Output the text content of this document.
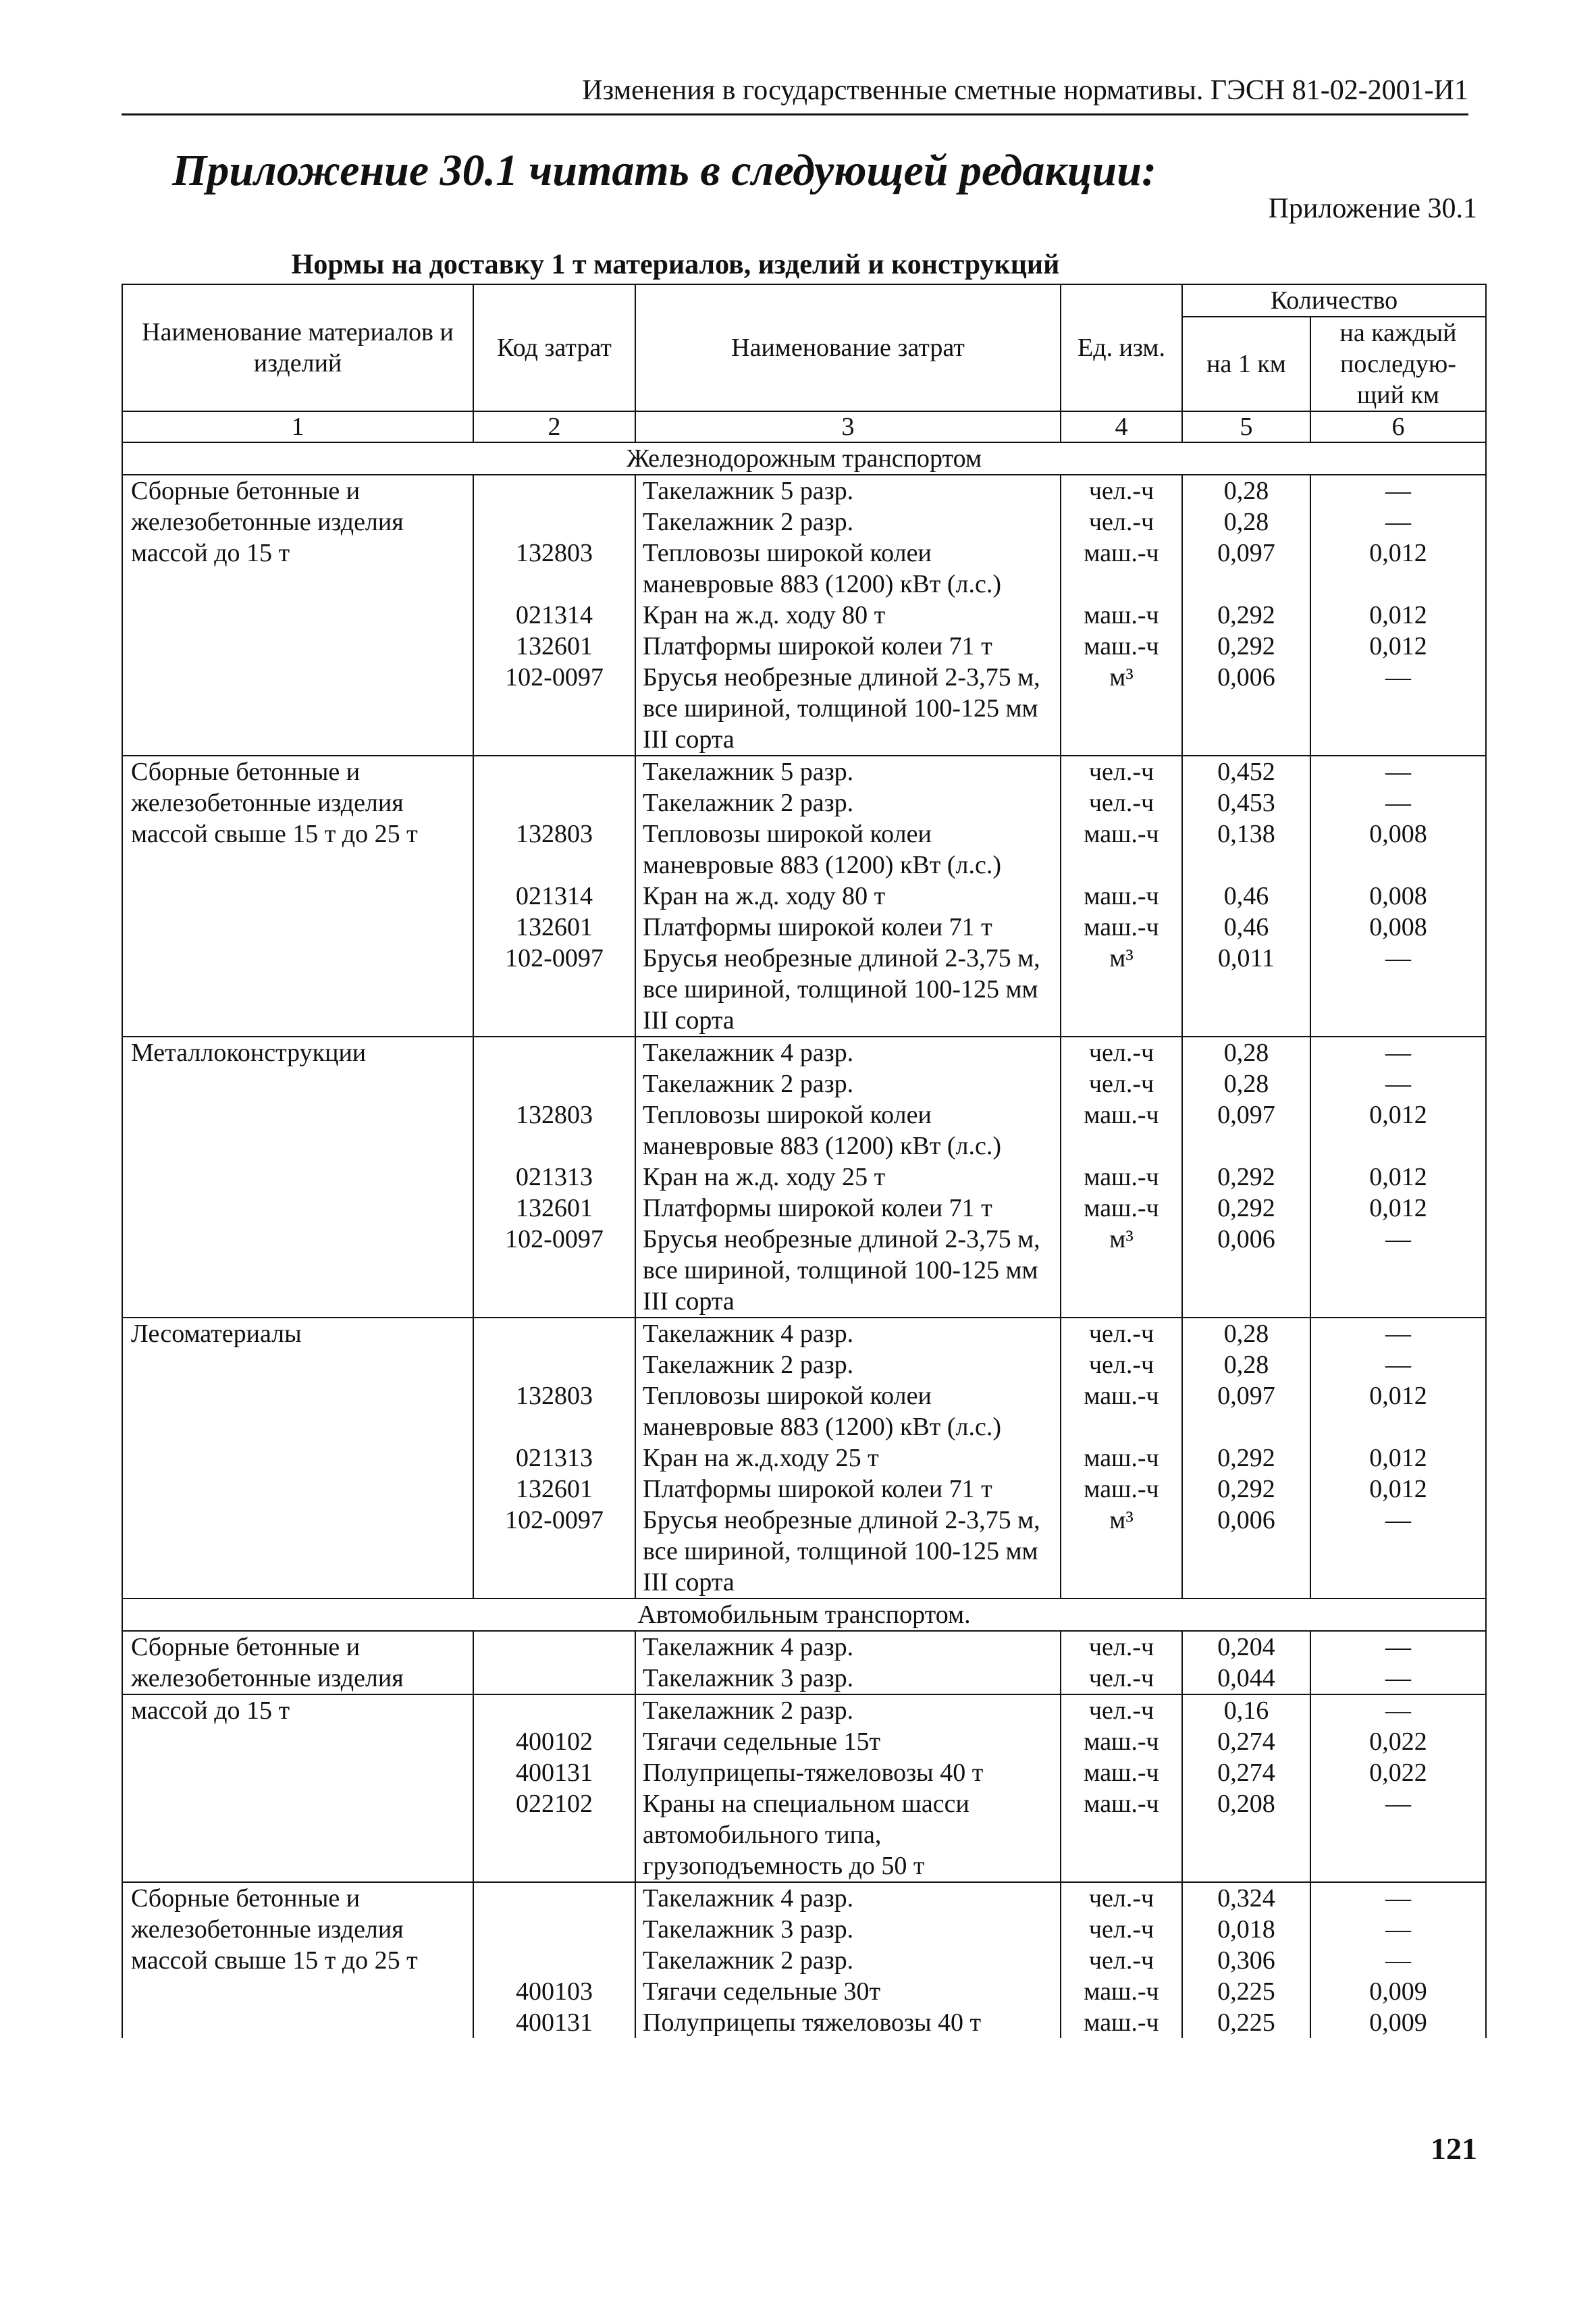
Изменения в государственные сметные нормативы. ГЭСН 81-02-2001-И1
Приложение 30.1 читать в следующей редакции:
Приложение 30.1
Нормы на доставку 1 т материалов, изделий и конструкций
Наименование материалов и изделий	Код затрат	Наименование затрат	Ед. изм.	Количество	
				на 1 км	на каждый последую-щий км
1	2	3	4	5	6
Железнодорожным транспортом					
Сборные бетонные и железобетонные изделия массой до 15 т		Такелажник 5 разр.	чел.-ч	0,28	—
		Такелажник 2 разр.	чел.-ч	0,28	—
	132803	Тепловозы широкой колеи маневровые 883 (1200) кВт (л.с.)	маш.-ч	0,097	0,012
	021314	Кран на ж.д. ходу 80 т	маш.-ч	0,292	0,012
	132601	Платформы широкой колеи 71 т	маш.-ч	0,292	0,012
	102-0097	Брусья необрезные длиной 2-3,75 м, все шириной, толщиной 100-125 мм III сорта	м³	0,006	—
Сборные бетонные и железобетонные изделия массой свыше 15 т до 25 т		Такелажник 5 разр.	чел.-ч	0,452	—
		Такелажник 2 разр.	чел.-ч	0,453	—
	132803	Тепловозы широкой колеи маневровые 883 (1200) кВт (л.с.)	маш.-ч	0,138	0,008
	021314	Кран на ж.д. ходу 80 т	маш.-ч	0,46	0,008
	132601	Платформы широкой колеи 71 т	маш.-ч	0,46	0,008
	102-0097	Брусья необрезные длиной 2-3,75 м, все шириной, толщиной 100-125 мм III сорта	м³	0,011	—
Металлоконструкции		Такелажник 4 разр.	чел.-ч	0,28	—
		Такелажник 2 разр.	чел.-ч	0,28	—
	132803	Тепловозы широкой колеи маневровые 883 (1200) кВт (л.с.)	маш.-ч	0,097	0,012
	021313	Кран на ж.д. ходу 25 т	маш.-ч	0,292	0,012
	132601	Платформы широкой колеи 71 т	маш.-ч	0,292	0,012
	102-0097	Брусья необрезные длиной 2-3,75 м, все шириной, толщиной 100-125 мм III сорта	м³	0,006	—
Лесоматериалы		Такелажник 4 разр.	чел.-ч	0,28	—
		Такелажник 2 разр.	чел.-ч	0,28	—
	132803	Тепловозы широкой колеи маневровые 883 (1200) кВт (л.с.)	маш.-ч	0,097	0,012
	021313	Кран на ж.д.ходу 25 т	маш.-ч	0,292	0,012
	132601	Платформы широкой колеи 71 т	маш.-ч	0,292	0,012
	102-0097	Брусья необрезные длиной 2-3,75 м, все шириной, толщиной 100-125 мм III сорта	м³	0,006	—
Автомобильным транспортом.					
Сборные бетонные и железобетонные изделия		Такелажник 4 разр.	чел.-ч	0,204	—
		Такелажник 3 разр.	чел.-ч	0,044	—
массой до 15 т		Такелажник 2 разр.	чел.-ч	0,16	—
	400102	Тягачи седельные 15т	маш.-ч	0,274	0,022
	400131	Полуприцепы-тяжеловозы 40 т	маш.-ч	0,274	0,022
	022102	Краны на специальном шасси автомобильного типа, грузоподъемность до 50 т	маш.-ч	0,208	—
Сборные бетонные и железобетонные изделия массой свыше 15 т до 25 т		Такелажник 4 разр.	чел.-ч	0,324	—
		Такелажник 3 разр.	чел.-ч	0,018	—
		Такелажник 2 разр.	чел.-ч	0,306	—
	400103	Тягачи седельные 30т	маш.-ч	0,225	0,009
	400131	Полуприцепы тяжеловозы 40 т	маш.-ч	0,225	0,009
121
